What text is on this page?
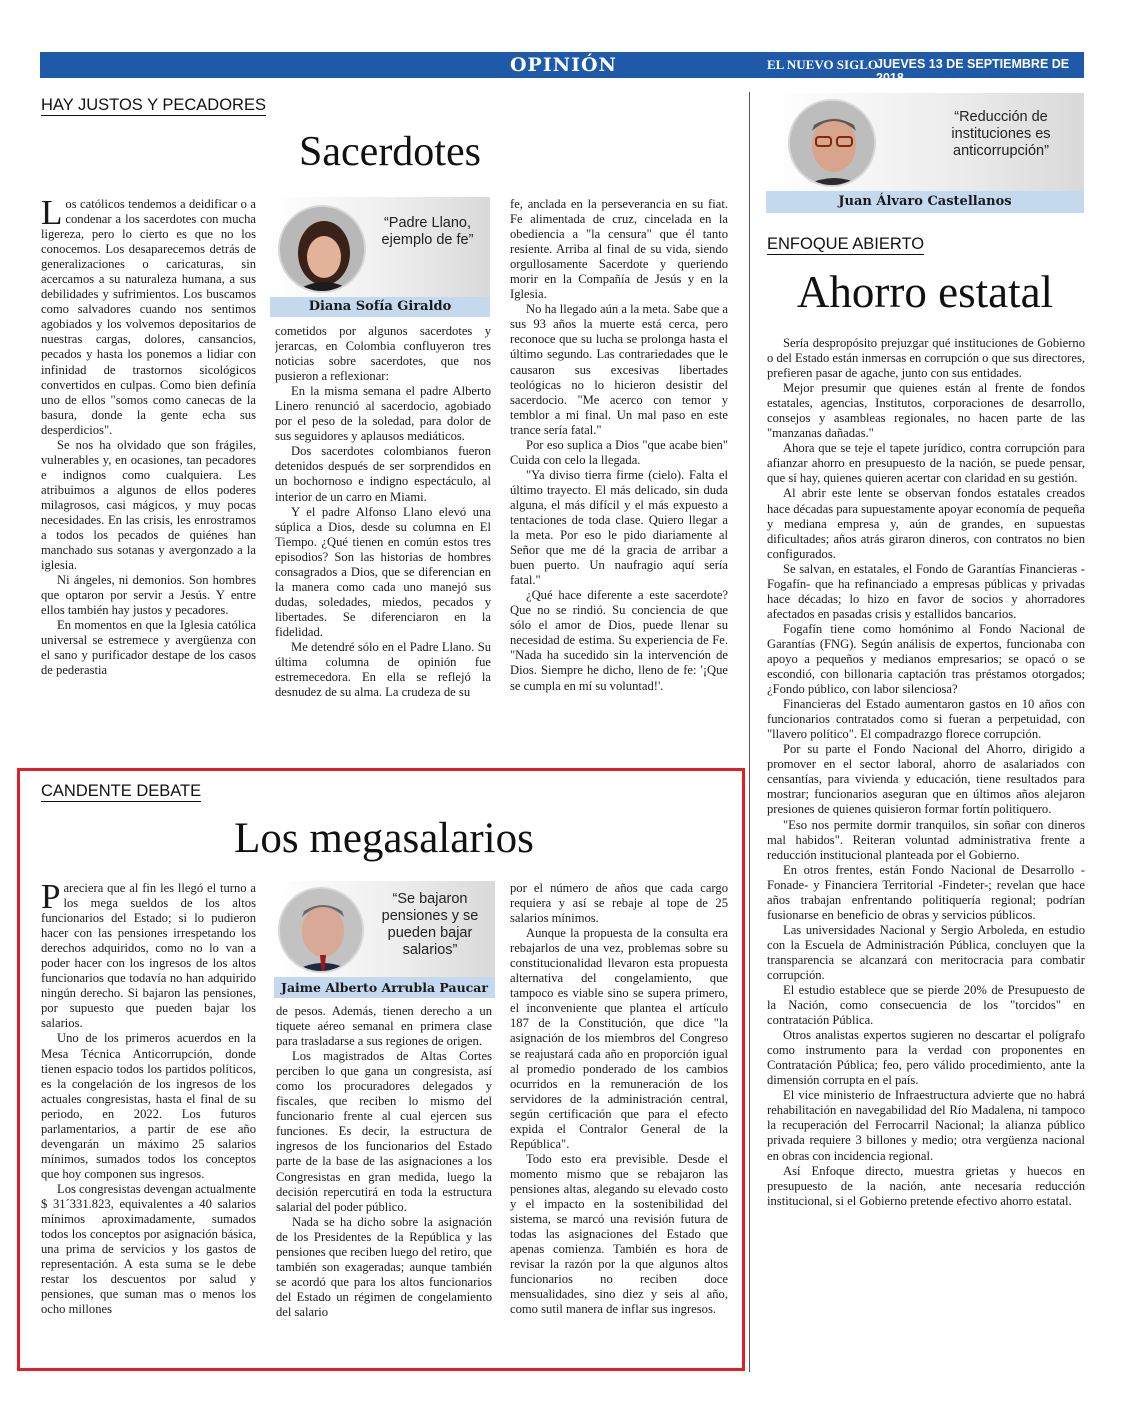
OPINIÓN	EL NUEVO SIGLO
JUEVES 13 DE SEPTIEMBRE DE 2018
9A
HAY JUSTOS Y PECADORES
Sacerdotes

Los católicos tendemos a deidificar o a condenar a los sacerdotes con mucha ligereza, pero lo cierto es que no los conocemos. Los desaparecemos detrás de generalizaciones o caricaturas, sin acercamos a su naturaleza humana, a sus debilidades y sufrimientos. Los buscamos como salvadores cuando nos sentimos agobiados y los volvemos depositarios de nuestras cargas, dolores, cansancios, pecados y hasta los ponemos a lidiar con infinidad de trastornos sicológicos convertidos en culpas. Como bien definía uno de ellos "somos como canecas de la basura, donde la gente echa sus desperdicios".

Se nos ha olvidado que son frágiles, vulnerables y, en ocasiones, tan pecadores e indignos como cualquiera. Les atribuimos a algunos de ellos poderes milagrosos, casi mágicos, y muy pocas necesidades. En las crisis, les enrostramos a todos los pecados de quiénes han manchado sus sotanas y avergonzado a la iglesia.

Ni ángeles, ni demonios. Son hombres que optaron por servir a Jesús. Y entre ellos también hay justos y pecadores.

En momentos en que la Iglesia católica universal se estremece y avergüenza con el sano y purificador destape de los casos de pederastia

“Padre Llano, ejemplo de fe”
Diana Sofía Giraldo

cometidos por algunos sacerdotes y jerarcas, en Colombia confluyeron tres noticias sobre sacerdotes, que nos pusieron a reflexionar:

En la misma semana el padre Alberto Linero renunció al sacerdocio, agobiado por el peso de la soledad, para dolor de sus seguidores y aplausos mediáticos.

Dos sacerdotes colombianos fueron detenidos después de ser sorprendidos en un bochornoso e indigno espectáculo, al interior de un carro en Miami.

Y el padre Alfonso Llano elevó una súplica a Dios, desde su columna en El Tiempo. ¿Qué tienen en común estos tres episodios? Son las historias de hombres consagrados a Dios, que se diferencian en la manera como cada uno manejó sus dudas, soledades, miedos, pecados y libertades. Se diferenciaron en la fidelidad.

Me detendré sólo en el Padre Llano. Su última columna de opinión fue estremecedora. En ella se reflejó la desnudez de su alma. La crudeza de su

fe, anclada en la perseverancia en su fiat. Fe alimentada de cruz, cincelada en la obediencia a "la censura" que él tanto resiente. Arriba al final de su vida, siendo orgullosamente Sacerdote y queriendo morir en la Compañía de Jesús y en la Iglesia.

No ha llegado aún a la meta. Sabe que a sus 93 años la muerte está cerca, pero reconoce que su lucha se prolonga hasta el último segundo. Las contrariedades que le causaron sus excesivas libertades teológicas no lo hicieron desistir del sacerdocio. "Me acerco con temor y temblor a mi final. Un mal paso en este trance sería fatal."

Por eso suplica a Dios "que acabe bien" Cuida con celo la llegada.

"Ya diviso tierra firme (cielo). Falta el último trayecto. El más delicado, sin duda alguna, el más difícil y el más expuesto a tentaciones de toda clase. Quiero llegar a la meta. Por eso le pido diariamente al Señor que me dé la gracia de arribar a buen puerto. Un naufragio aquí sería fatal."

¿Qué hace diferente a este sacerdote? Que no se rindió. Su conciencia de que sólo el amor de Dios, puede llenar su necesidad de estima. Su experiencia de Fe. "Nada ha sucedido sin la intervención de Dios. Siempre he dicho, lleno de fe: '¡Que se cumpla en mí su voluntad!'.

“Reducción de instituciones es anticorrupción”
Juan Álvaro Castellanos
ENFOQUE ABIERTO
Ahorro estatal

Sería despropósito prejuzgar qué instituciones de Gobierno o del Estado están inmersas en corrupción o que sus directores, prefieren pasar de agache, junto con sus entidades.

Mejor presumir que quienes están al frente de fondos estatales, agencias, Institutos, corporaciones de desarrollo, consejos y asambleas regionales, no hacen parte de las "manzanas dañadas."

Ahora que se teje el tapete jurídico, contra corrupción para afianzar ahorro en presupuesto de la nación, se puede pensar, que sí hay, quienes quieren acertar con claridad en su gestión.

Al abrir este lente se observan fondos estatales creados hace décadas para supuestamente apoyar economía de pequeña y mediana empresa y, aún de grandes, en supuestas dificultades; años atrás giraron dineros, con contratos no bien configurados.

Se salvan, en estatales, el Fondo de Garantías Financieras -Fogafín- que ha refinanciado a empresas públicas y privadas hace décadas; lo hizo en favor de socios y ahorradores afectados en pasadas crisis y estallidos bancarios.

Fogafín tiene como homónimo al Fondo Nacional de Garantías (FNG). Según análisis de expertos, funcionaba con apoyo a pequeños y medianos empresarios; se opacó o se escondió, con billonaria captación tras préstamos otorgados; ¿Fondo público, con labor silenciosa?

Financieras del Estado aumentaron gastos en 10 años con funcionarios contratados como si fueran a perpetuidad, con "llavero político". El compadrazgo florece corrupción.

Por su parte el Fondo Nacional del Ahorro, dirigido a promover en el sector laboral, ahorro de asalariados con censantías, para vivienda y educación, tiene resultados para mostrar; funcionarios aseguran que en últimos años alejaron presiones de quienes quisieron formar fortín politiquero.

"Eso nos permite dormir tranquilos, sin soñar con dineros mal habidos". Reiteran voluntad administrativa frente a reducción institucional planteada por el Gobierno.

En otros frentes, están Fondo Nacional de Desarrollo -Fonade- y Financiera Territorial -Findeter-; revelan que hace años trabajan enfrentando politiquería regional; podrían fusionarse en beneficio de obras y servicios públicos.

Las universidades Nacional y Sergio Arboleda, en estudio con la Escuela de Administración Pública, concluyen que la transparencia se alcanzará con meritocracia para combatir corrupción.

El estudio establece que se pierde 20% de Presupuesto de la Nación, como consecuencia de los "torcidos" en contratación Pública.

Otros analistas expertos sugieren no descartar el polígrafo como instrumento para la verdad con proponentes en Contratación Pública; feo, pero válido procedimiento, ante la dimensión corrupta en el país.

El vice ministerio de Infraestructura advierte que no habrá rehabilitación en navegabilidad del Río Madalena, ni tampoco la recuperación del Ferrocarril Nacional; la alianza público privada requiere 3 billones y medio; otra vergüenza nacional en obras con incidencia regional.

Así Enfoque directo, muestra grietas y huecos en presupuesto de la nación, ante necesaria reducción institucional, si el Gobierno pretende efectivo ahorro estatal.

CANDENTE DEBATE
Los megasalarios

Pareciera que al fin les llegó el turno a los mega sueldos de los altos funcionarios del Estado; si lo pudieron hacer con las pensiones irrespetando los derechos adquiridos, como no lo van a poder hacer con los ingresos de los altos funcionarios que todavía no han adquirido ningún derecho. Si bajaron las pensiones, por supuesto que pueden bajar los salarios.

Uno de los primeros acuerdos en la Mesa Técnica Anticorrupción, donde tienen espacio todos los partidos políticos, es la congelación de los ingresos de los actuales congresistas, hasta el final de su periodo, en 2022. Los futuros parlamentarios, a partir de ese año devengarán un máximo 25 salarios mínimos, sumados todos los conceptos que hoy componen sus ingresos.

Los congresistas devengan actualmente $ 31´331.823, equivalentes a 40 salarios mínimos aproximadamente, sumados todos los conceptos por asignación básica, una prima de servicios y los gastos de representación. A esta suma se le debe restar los descuentos por salud y pensiones, que suman mas o menos los ocho millones

“Se bajaron pensiones y se pueden bajar salarios”
Jaime Alberto Arrubla Paucar

de pesos. Además, tienen derecho a un tiquete aéreo semanal en primera clase para trasladarse a sus regiones de origen.

Los magistrados de Altas Cortes perciben lo que gana un congresista, así como los procuradores delegados y fiscales, que reciben lo mismo del funcionario frente al cual ejercen sus funciones. Es decir, la estructura de ingresos de los funcionarios del Estado parte de la base de las asignaciones a los Congresistas en gran medida, luego la decisión repercutirá en toda la estructura salarial del poder público.

Nada se ha dicho sobre la asignación de los Presidentes de la República y las pensiones que reciben luego del retiro, que también son exageradas; aunque también se acordó que para los altos funcionarios del Estado un régimen de congelamiento del salario

por el número de años que cada cargo requiera y así se rebaje al tope de 25 salarios mínimos.

Aunque la propuesta de la consulta era rebajarlos de una vez, problemas sobre su constitucionalidad llevaron esta propuesta alternativa del congelamiento, que tampoco es viable sino se supera primero, el inconveniente que plantea el artículo 187 de la Constitución, que dice "la asignación de los miembros del Congreso se reajustará cada año en proporción igual al promedio ponderado de los cambios ocurridos en la remuneración de los servidores de la administración central, según certificación que para el efecto expida el Contralor General de la República".

Todo esto era previsible. Desde el momento mismo que se rebajaron las pensiones altas, alegando su elevado costo y el impacto en la sostenibilidad del sistema, se marcó una revisión futura de todas las asignaciones del Estado que apenas comienza. También es hora de revisar la razón por la que algunos altos funcionarios no reciben doce mensualidades, sino diez y seis al año, como sutil manera de inflar sus ingresos.
